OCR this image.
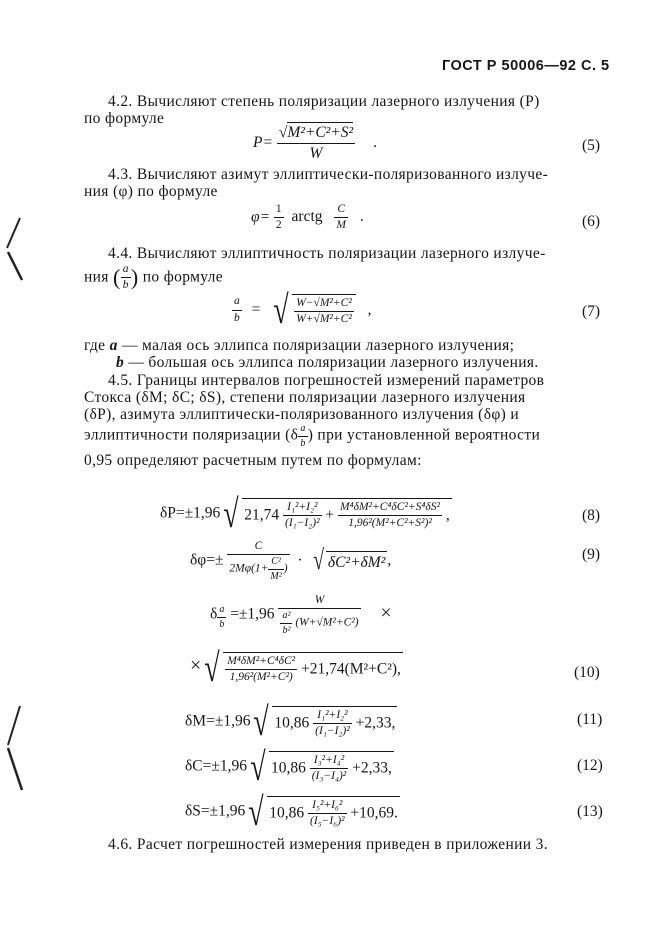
ГОСТ Р 50006—92 С. 5
4.2. Вычисляют степень поляризации лазерного излучения (Р)
по формуле
$P= \frac{\text{√M²+C²+S²}}{W}$ .	(5)
4.3. Вычисляют азимут эллиптически-поляризованного излуче-
ния (φ) по формуле
$\varphi= \frac{1}{2}$ arctg $\frac{C}{M}$ .	(6)
4.4. Вычисляют эллиптичность поляризации лазерного излуче-
ния ( $\frac{a}{b}$ ) по формуле
$\frac{a}{b}$ = √ $\frac{\text{W−√M²+C²}}{\text{W+√M²+C²}}$ ,	(7)
где a — малая ось эллипса поляризации лазерного излучения;
b — большая ось эллипса поляризации лазерного излучения.
4.5. Границы интервалов погрешностей измерений параметров
Стокса (δM; δC; δS), степени поляризации лазерного излучения
(δP), азимута эллиптически-поляризованного излучения (δφ) и
эллиптичности поляризации ($\delta \frac{a}{b}$ ) при установленной вероятности
0,95 определяют расчетным путем по формулам:
δP=±1,96√ $21,74 \frac{\text{I₁²+I₂²}}{\text{(I₁−I₂)²}} + \frac{\text{M⁴δM²+C⁴δC²+S⁴δS²}}{\text{1,96²(M²+C²+S²)²}}$ ,	(8)
$\delta\varphi=\pm \frac{C}{2M\varphi(1+ \frac{\text{C²}}{\text{M²}} )}$ · √ δC²+δM² ,	(9)
δ $\frac{a}{b} =\pm 1,96 \frac{W}{\frac{\text{a²}}{\text{b²}} (W+√M^2+C^2)}$ ×
×√ $\frac{\text{M⁴δM²+C⁴δC²}}{\text{1,96²(M²+C²)}} +21,74(M^2+C^2)$,	(10)
δM=±1,96√ $10,86 \frac{\text{I₁²+I₂²}}{\text{(I₁−I₂)²}} +2,33$,	(11)
δC=±1,96√ $10,86 \frac{\text{I₃²+I₄²}}{\text{(I₃−I₄)²}} +2,33$,	(12)
δS=±1,96√ $10,86 \frac{\text{I₅²+I₆²}}{\text{(I₅−I₆)²}} +10,69$.	(13)
4.6. Расчет погрешностей измерения приведен в приложении 3.
